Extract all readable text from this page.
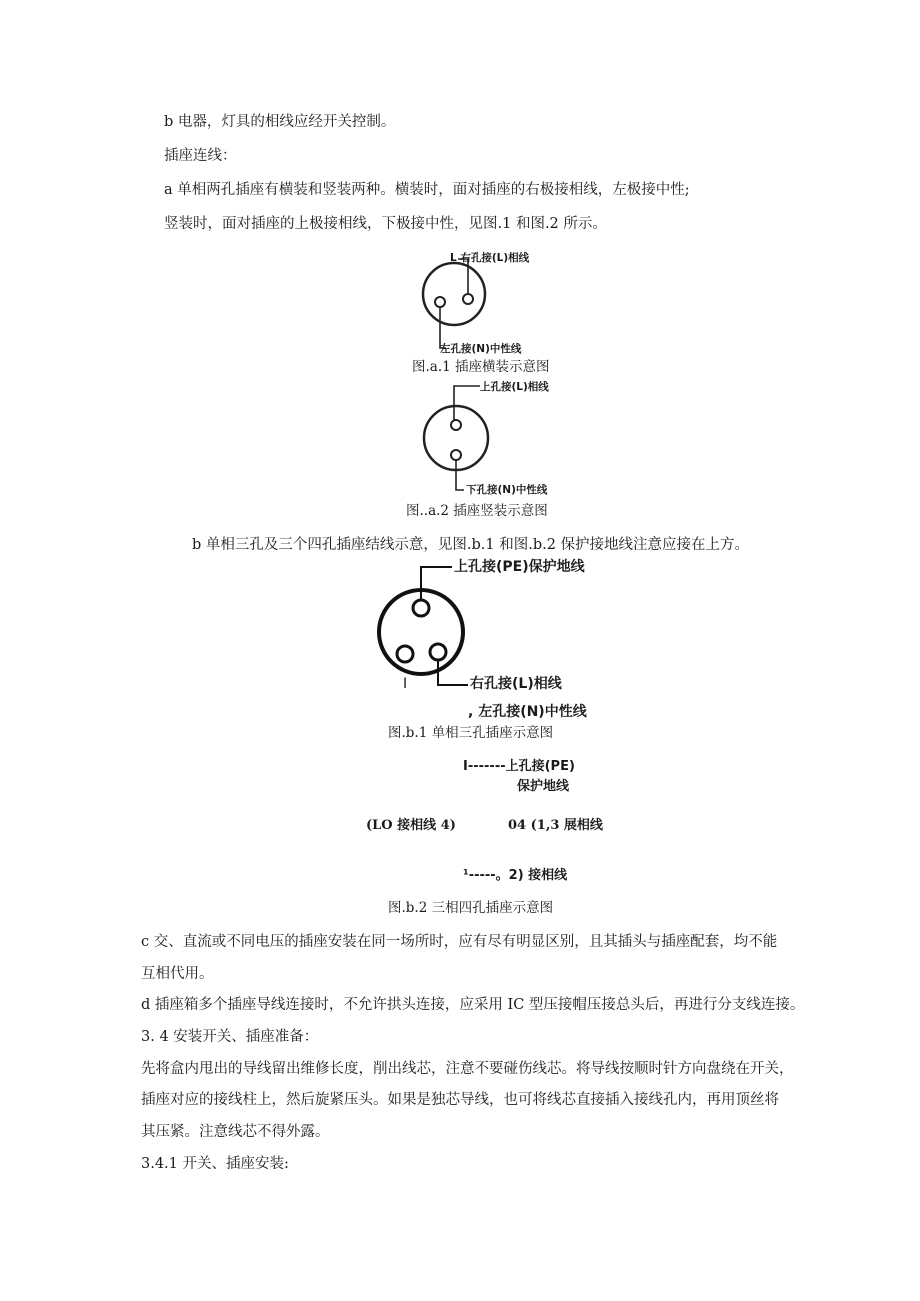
b 电器，灯具的相线应经开关控制。
插座连线：
a 单相两孔插座有横装和竖装两种。横装时，面对插座的右极接相线，左极接中性;
竖装时，面对插座的上极接相线，下极接中性，见图.1 和图.2 所示。
L 右孔接(L)相线
左孔接(N)中性线
图.a.1 插座横装示意图
上孔接(L)相线
下孔接(N)中性线
图..a.2 插座竖装示意图
b 单相三孔及三个四孔插座结线示意，见图.b.1 和图.b.2 保护接地线注意应接在上方。
上孔接(PE)保护地线
I	右孔接(L)相线
, 左孔接(N)中性线
图.b.1 单相三孔插座示意图
I-------上孔接(PE)
保护地线
(LO 接相线 4)	04 (1,3 展相线
¹-----。2) 接相线
图.b.2 三相四孔插座示意图
c 交、直流或不同电压的插座安装在同一场所时，应有尽有明显区别，且其插头与插座配套，均不能
互相代用。
d 插座箱多个插座导线连接时，不允许拱头连接，应采用 IC 型压接帽压接总头后，再进行分支线连接。
3. 4 安装开关、插座准备：
先将盒内甩出的导线留出维修长度，削出线芯，注意不要碰伤线芯。将导线按顺时针方向盘绕在开关，
插座对应的接线柱上，然后旋紧压头。如果是独芯导线，也可将线芯直接插入接线孔内，再用顶丝将
其压紧。注意线芯不得外露。
3.4.1 开关、插座安装:
